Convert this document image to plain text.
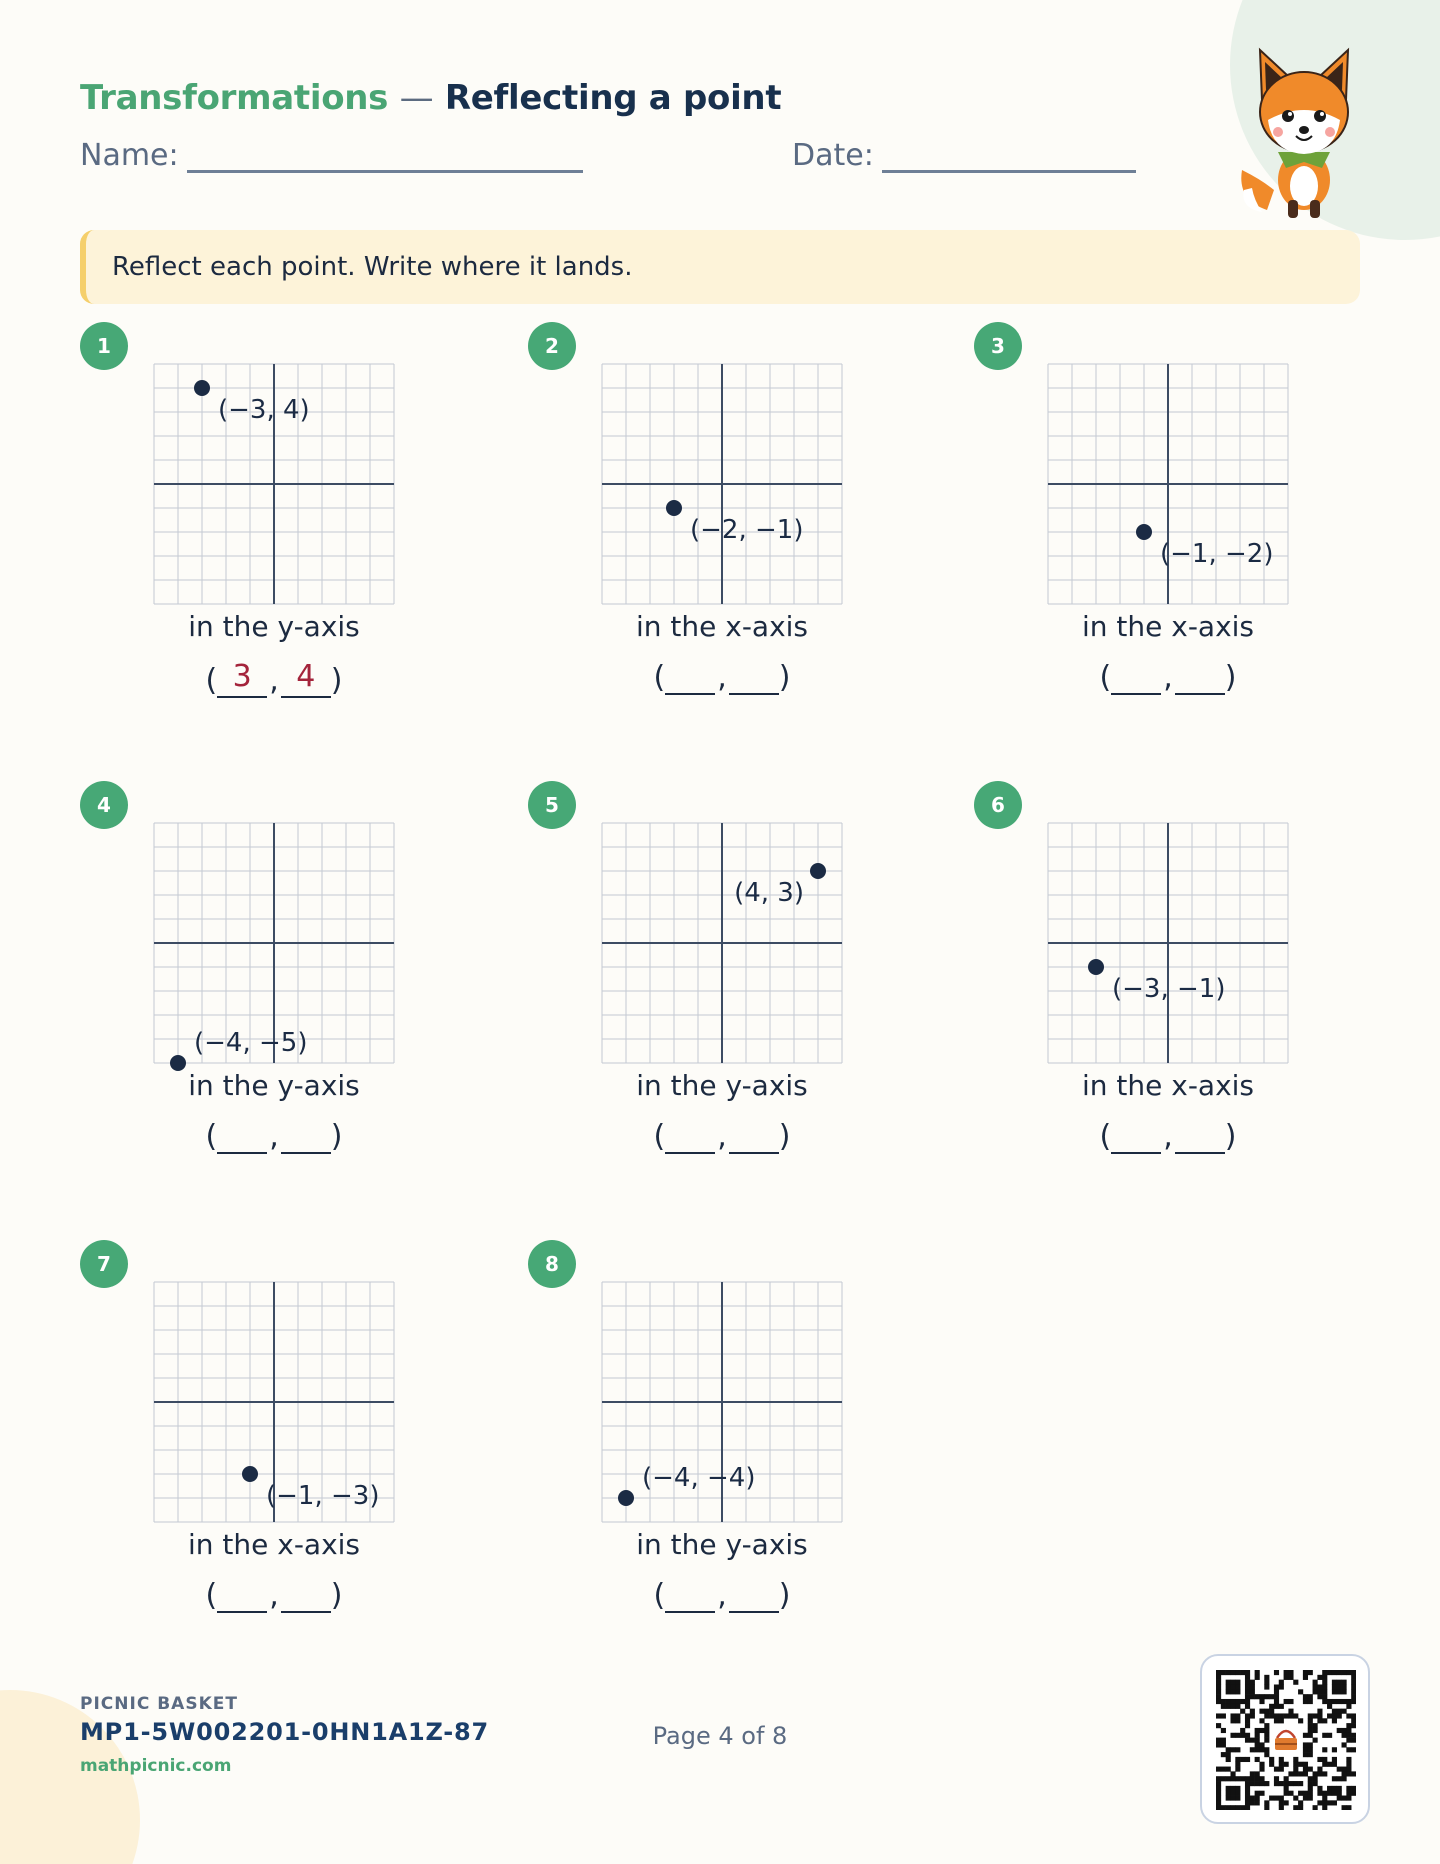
Transformations — Reflecting a point
Name:	Date:
Reflect each point. Write where it lands.
1
(−3, 4)
in the y-axis
( 3 , 4 )
2
(−2, −1)
in the x-axis
( , )
3
(−1, −2)
in the x-axis
( , )
4
(−4, −5)
in the y-axis
( , )
5
(4, 3)
in the y-axis
( , )
6
(−3, −1)
in the x-axis
( , )
7
(−1, −3)
in the x-axis
( , )
8
(−4, −4)
in the y-axis
( , )
PICNIC BASKET
MP1-5W002201-0HN1A1Z-87
mathpicnic.com
Page 4 of 8
